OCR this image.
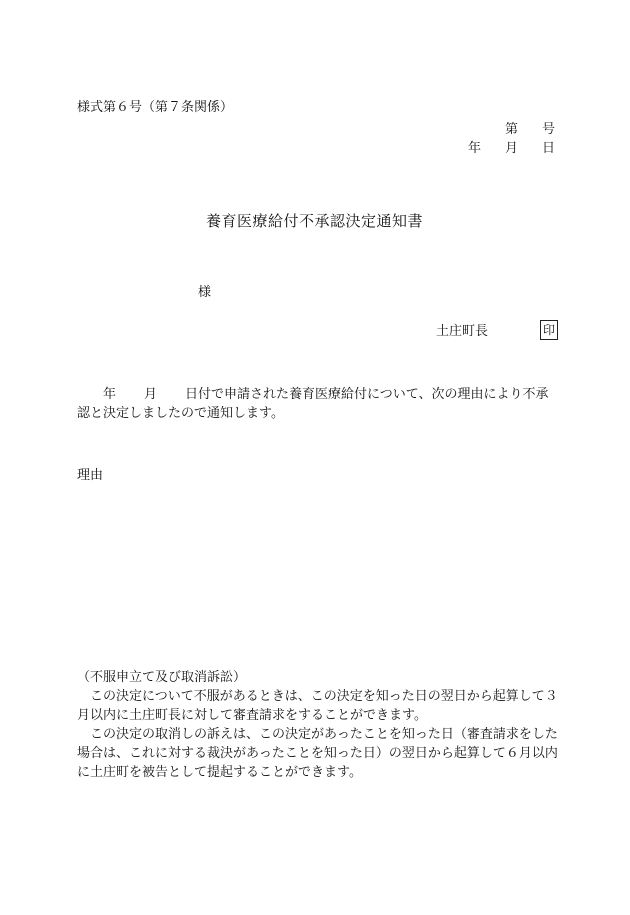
様式第６号（第７条関係）
第 号
年 月 日
養育医療給付不承認決定通知書
様
土庄町長	印
年 月 日付で申請された養育医療給付について、次の理由により不承認と決定しましたので通知します。
理由

（不服申立て及び取消訴訟）

この決定について不服があるときは、この決定を知った日の翌日から起算して３月以内に土庄町長に対して審査請求をすることができます。

この決定の取消しの訴えは、この決定があったことを知った日（審査請求をした場合は、これに対する裁決があったことを知った日）の翌日から起算して６月以内に土庄町を被告として提起することができます。
